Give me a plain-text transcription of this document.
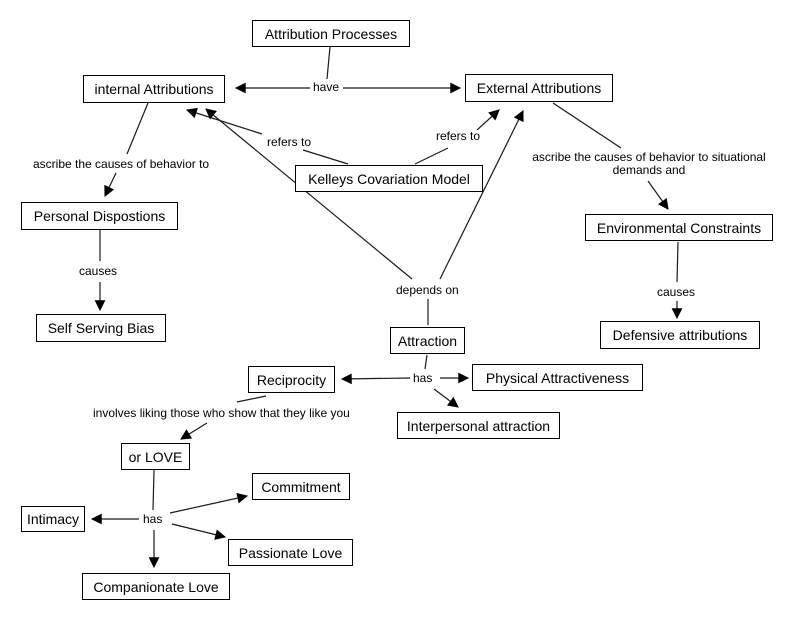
Attribution Processes
internal Attributions	External Attributions
Kelleys Covariation Model
Personal Dispostions
Self Serving Bias
Environmental Constraints
Defensive attributions
Attraction
Reciprocity	Physical Attractiveness
Interpersonal attraction
or LOVE
Intimacy
Commitment
Passionate Love
Companionate Love
have
refers to	refers to
ascribe the causes of behavior to	ascribe the causes of behavior to situational demands and
causes
causes
depends on
has
involves liking those who show that they like you
has
